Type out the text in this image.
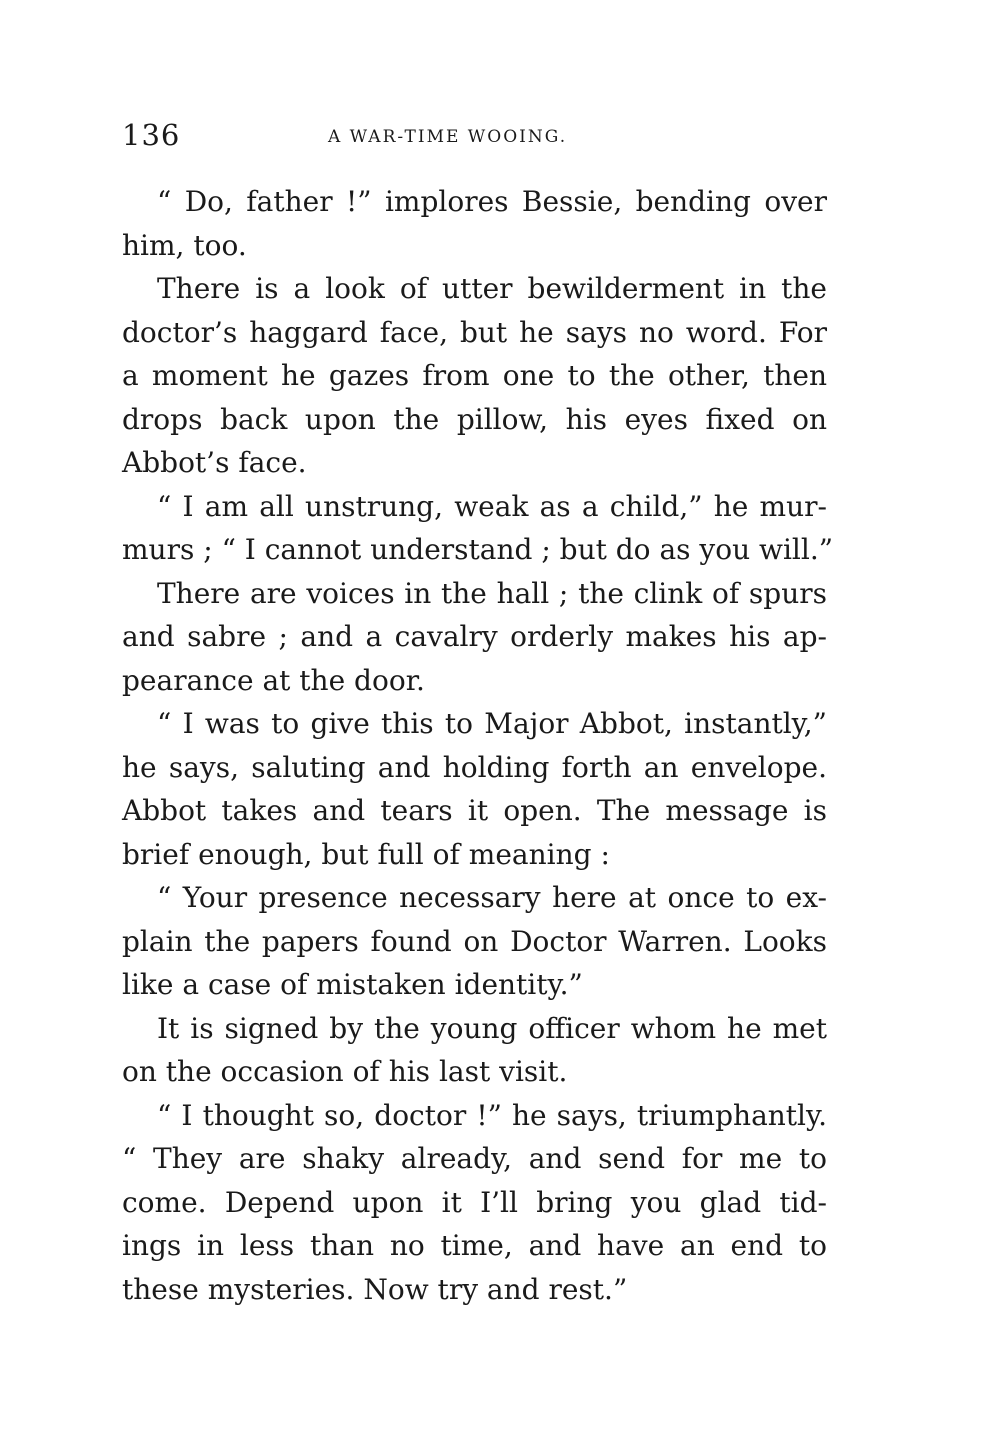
136	A WAR-TIME WOOING.
“ Do, father !” implores Bessie, bending over
him, too.
There is a look of utter bewilderment in the
doctor’s haggard face, but he says no word. For
a moment he gazes from one to the other, then
drops back upon the pillow, his eyes fixed on
Abbot’s face.
“ I am all unstrung, weak as a child,” he mur-
murs ; “ I cannot understand ; but do as you will.”
There are voices in the hall ; the clink of spurs
and sabre ; and a cavalry orderly makes his ap-
pearance at the door.
“ I was to give this to Major Abbot, instantly,”
he says, saluting and holding forth an envelope.
Abbot takes and tears it open. The message is
brief enough, but full of meaning :
“ Your presence necessary here at once to ex-
plain the papers found on Doctor Warren. Looks
like a case of mistaken identity.”
It is signed by the young officer whom he met
on the occasion of his last visit.
“ I thought so, doctor !” he says, triumphantly.
“ They are shaky already, and send for me to
come. Depend upon it I’ll bring you glad tid-
ings in less than no time, and have an end to
these mysteries. Now try and rest.”
